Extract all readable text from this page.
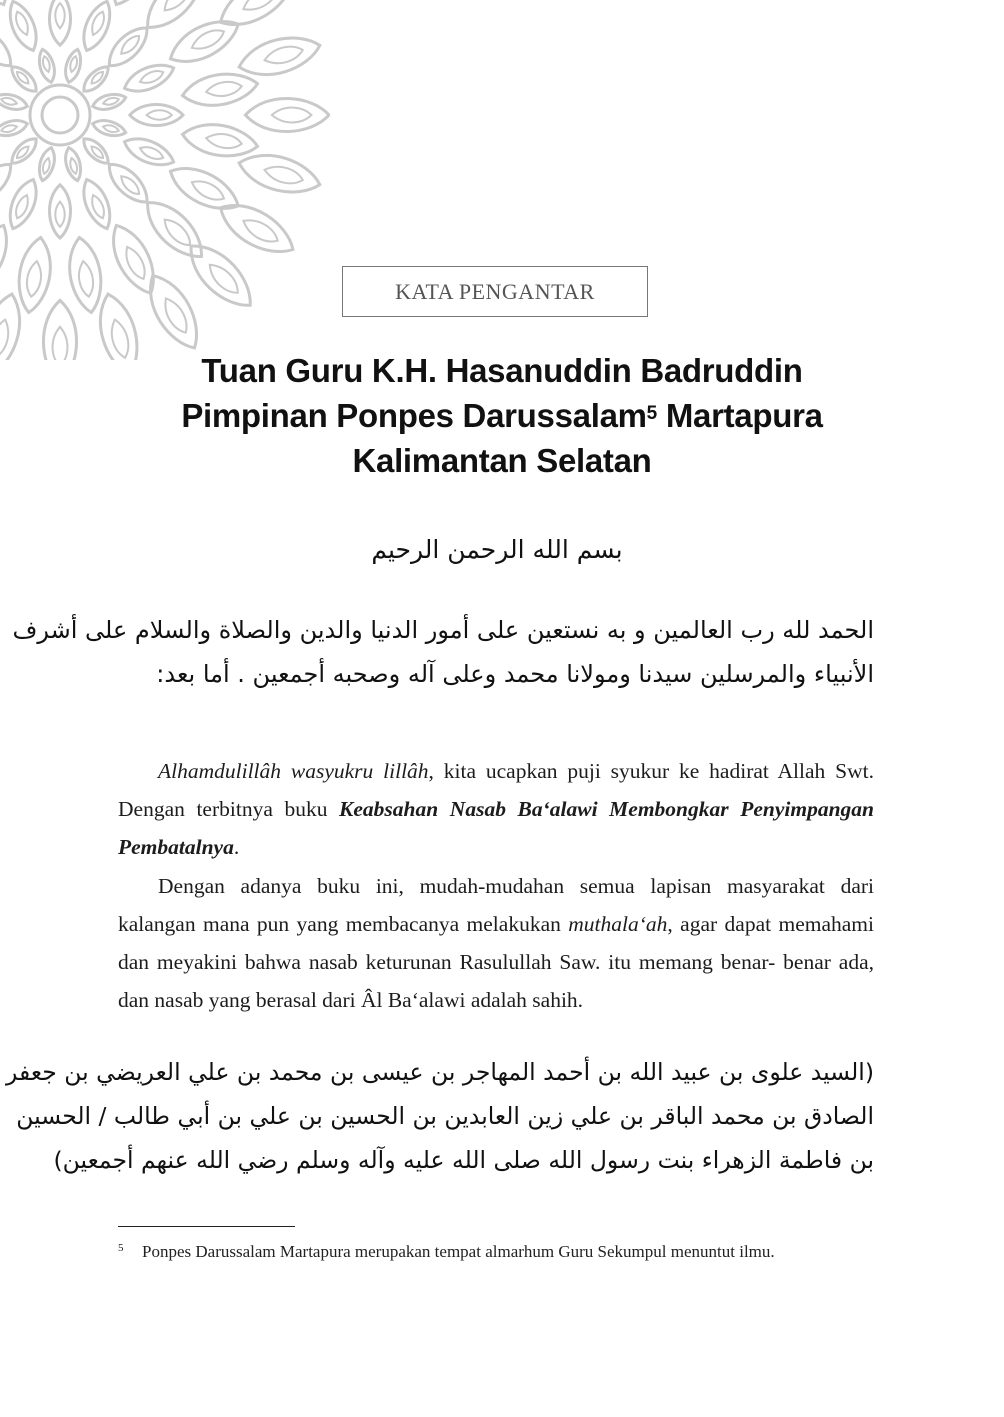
KATA PENGANTAR
Tuan Guru K.H. Hasanuddin Badruddin
Pimpinan Ponpes Darussalam$^5$ Martapura
Kalimantan Selatan
بسم الله الرحمن الرحيم
الحمد لله رب العالمين و به نستعين على أمور الدنيا والدين والصلاة والسلام على أشرف
الأنبياء والمرسلين سيدنا ومولانا محمد وعلى آله وصحبه أجمعين . أما بعد:

Alhamdulillâh wasyukru lillâh, kita ucapkan puji syukur ke hadirat Allah Swt. Dengan terbitnya buku Keabsahan Nasab Ba‘alawi Membongkar Penyimpangan Pembatalnya.

Dengan adanya buku ini, mudah-mudahan semua lapisan masyarakat dari kalangan mana pun yang membacanya melakukan muthala‘ah, agar dapat memahami dan meyakini bahwa nasab keturunan Rasulullah Saw. itu memang benar- benar ada, dan nasab yang berasal dari Âl Ba‘alawi adalah sahih.

(السيد علوى بن عبيد الله بن أحمد المهاجر بن عيسى بن محمد بن علي العريضي بن جعفر
الصادق بن محمد الباقر بن علي زين العابدين بن الحسين بن علي بن أبي طالب / الحسين
بن فاطمة الزهراء بنت رسول الله صلى الله عليه وآله وسلم رضي الله عنهم أجمعين)
5	Ponpes Darussalam Martapura merupakan tempat almarhum Guru Sekumpul menuntut ilmu.
